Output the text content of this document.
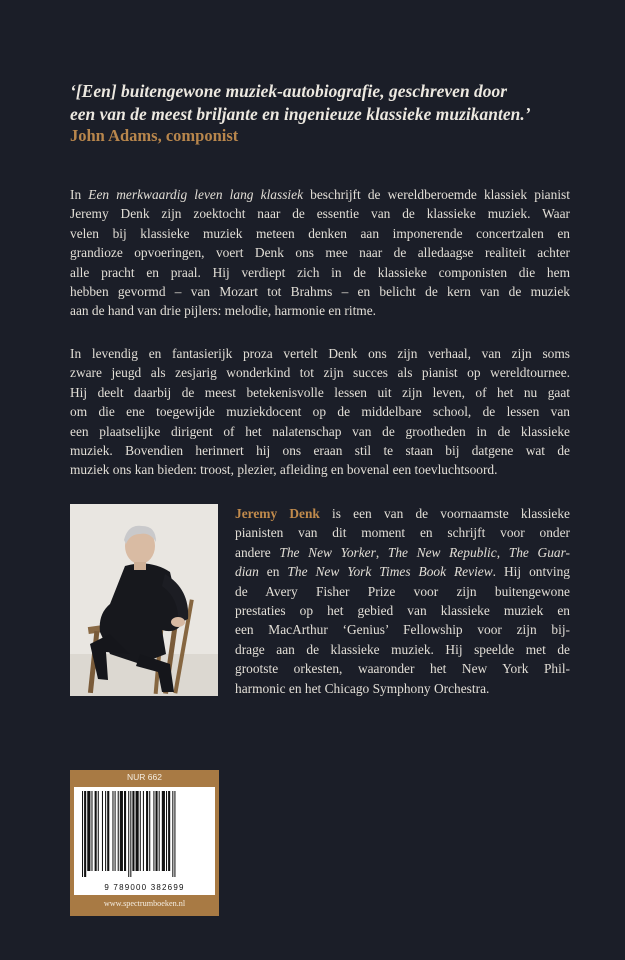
‘[Een] buitengewone muziek-autobiografie, geschreven door
een van de meest briljante en ingenieuze klassieke muzikanten.’
John Adams, componist
In Een merkwaardig leven lang klassiek beschrijft de wereldberoemde klassiek pianist
Jeremy Denk zijn zoektocht naar de essentie van de klassieke muziek. Waar
velen bij klassieke muziek meteen denken aan imponerende concertzalen en
grandioze opvoeringen, voert Denk ons mee naar de alledaagse realiteit achter
alle pracht en praal. Hij verdiept zich in de klassieke componisten die hem
hebben gevormd – van Mozart tot Brahms – en belicht de kern van de muziek
aan de hand van drie pijlers: melodie, harmonie en ritme.
In levendig en fantasierijk proza vertelt Denk ons zijn verhaal, van zijn soms
zware jeugd als zesjarig wonderkind tot zijn succes als pianist op wereldtournee.
Hij deelt daarbij de meest betekenisvolle lessen uit zijn leven, of het nu gaat
om die ene toegewijde muziekdocent op de middelbare school, de lessen van
een plaatselijke dirigent of het nalatenschap van de grootheden in de klassieke
muziek. Bovendien herinnert hij ons eraan stil te staan bij datgene wat de
muziek ons kan bieden: troost, plezier, afleiding en bovenal een toevluchtsoord.
Jeremy Denk is een van de voornaamste klassieke
pianisten van dit moment en schrijft voor onder
andere The New Yorker, The New Republic, The Guar-
dian en The New York Times Book Review. Hij ontving
de Avery Fisher Prize voor zijn buitengewone
prestaties op het gebied van klassieke muziek en
een MacArthur ‘Genius’ Fellowship voor zijn bij-
drage aan de klassieke muziek. Hij speelde met de
grootste orkesten, waaronder het New York Phil-
harmonic en het Chicago Symphony Orchestra.
NUR 662
9 789000 382699
www.spectrumboeken.nl
